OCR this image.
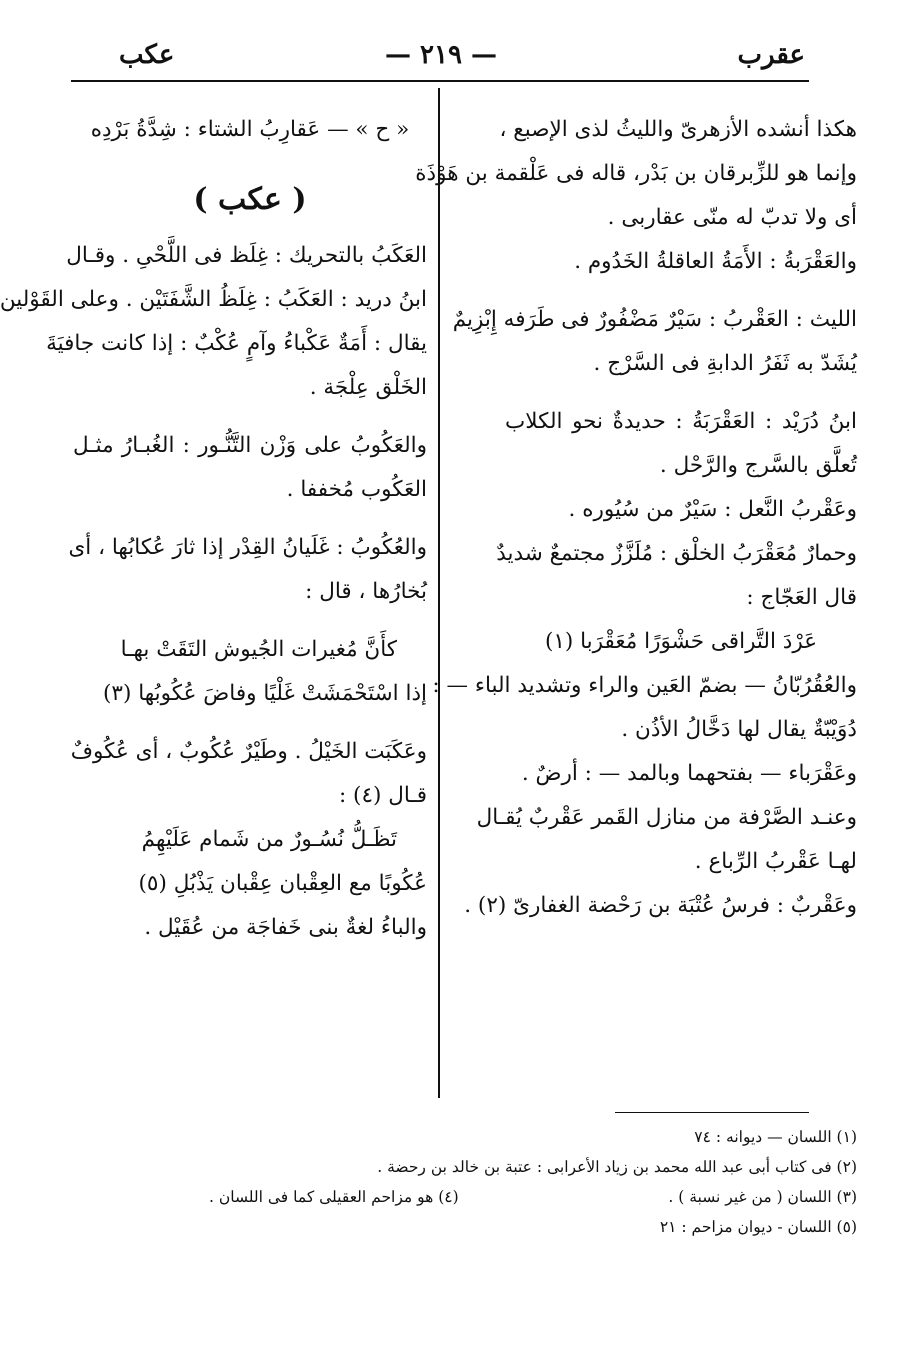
عقرب
— ٢١٩ —
عكب
هكذا أنشده الأزهرىّ والليثُ لذى الإصبع ،
وإنما هو للزِّبرقان بن بَدْر، قاله فى عَلْقمة بن هَوْذَة
أى ولا تدبّ له منّى عقاربى .
والعَقْرَبةُ : الأَمَةُ العاقلةُ الخَدُوم .
الليث : العَقْربُ : سَيْرٌ مَضْفُورٌ فى طَرَفه إِبْزِيمٌ
يُشَدّ به ثَفَرُ الدابةِ فى السَّرْج .
ابنُ دُرَيْد : العَقْرَبَةُ : حديدةٌ نحو الكلاب
تُعلَّق بالسَّرج والرَّحْل .
وعَقْربُ النَّعل : سَيْرٌ من سُيُوره .
وحمارٌ مُعَقْرَبُ الخلْق : مُلَزَّزٌ مجتمعٌ شديدٌ
قال العَجّاج :
عَرْدَ التَّراقى حَشْوَرًا مُعَقْرَبا (١)
والعُقُرُبّانُ — بضمّ العَين والراء وتشديد الباء — :
دُوَيْبّةٌ يقال لها دَخَّالُ الأذُن .
وعَقْرَباء — بفتحهما وبالمد — : أرضٌ .
وعنـد الصَّرْفة من منازل القَمر عَقْربٌ يُقـال
لهـا عَقْربُ الرِّباع .
وعَقْربٌ : فرسُ عُتْبَة بن رَحْضة الغفارىّ (٢) .
« ح » — عَقارِبُ الشتاء : شِدَّةُ بَرْدِه
( عكب )
العَكَبُ بالتحريك : غِلَظ فى اللَّحْىِ . وقـال
ابنُ دريد : العَكَبُ : غِلَظُ الشَّفَتَيْن . وعلى القَوْلين
يقال : أَمَةٌ عَكْباءُ وآمٍ عُكْبٌ : إذا كانت جافيَةَ
الخَلْق عِلْجَة .
والعَكُوبُ على وَزْن التَّنُّـور : الغُبـارُ مثـل
العَكُوب مُخففا .
والعُكُوبُ : غَلَيانُ القِدْر إذا ثارَ عُكابُها ، أى
بُخارُها ، قال :
كأَنَّ مُغيرات الجُيوش التَقَتْ بهـا
إذا اسْتَحْمَشَتْ غَلْيًا وفاضَ عُكُوبُها (٣)
وعَكَبَت الخَيْلُ . وطَيْرٌ عُكُوبٌ ، أى عُكُوفٌ
قـال (٤) :
تَظَـلُّ نُسُـورٌ من شَمام عَلَيْهِمُ
عُكُوبًا مع العِقْبان عِقْبان يَذْبُلِ (٥)
والباءُ لغةٌ بنى خَفاجَة من عُقَيْل .
(١) اللسان — ديوانه : ٧٤
(٢) فى كتاب أبى عبد الله محمد بن زياد الأعرابى : عتبة بن خالد بن رحضة .
(٣) اللسان ( من غير نسبة ) .
(٤) هو مزاحم العقيلى كما فى اللسان .
(٥) اللسان - ديوان مزاحم : ٢١
